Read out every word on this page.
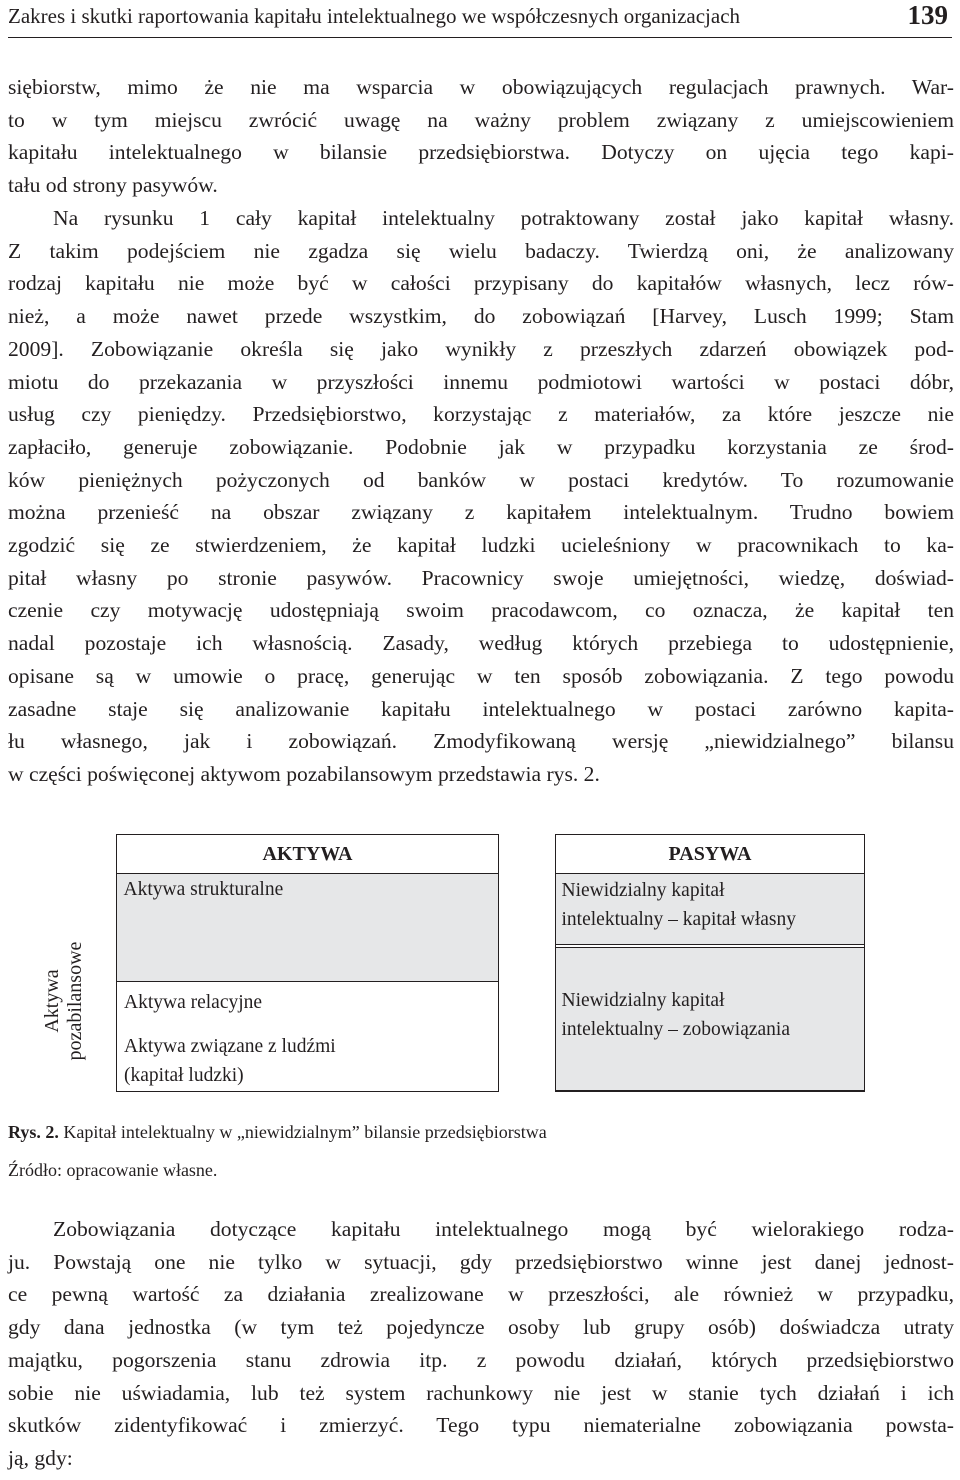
Zakres i skutki raportowania kapitału intelektualnego we współczesnych organizacjach	139

siębiorstw, mimo że nie ma wsparcia w obowiązujących regulacjach prawnych. War-
to w tym miejscu zwrócić uwagę na ważny problem związany z umiejscowieniem
kapitału intelektualnego w bilansie przedsiębiorstwa. Dotyczy on ujęcia tego kapi-
tału od strony pasywów.

Na rysunku 1 cały kapitał intelektualny potraktowany został jako kapitał własny.
Z takim podejściem nie zgadza się wielu badaczy. Twierdzą oni, że analizowany
rodzaj kapitału nie może być w całości przypisany do kapitałów własnych, lecz rów-
nież, a może nawet przede wszystkim, do zobowiązań [Harvey, Lusch 1999; Stam
2009]. Zobowiązanie określa się jako wynikły z przeszłych zdarzeń obowiązek pod-
miotu do przekazania w przyszłości innemu podmiotowi wartości w postaci dóbr,
usług czy pieniędzy. Przedsiębiorstwo, korzystając z materiałów, za które jeszcze nie
zapłaciło, generuje zobowiązanie. Podobnie jak w przypadku korzystania ze środ-
ków pieniężnych pożyczonych od banków w postaci kredytów. To rozumowanie
można przenieść na obszar związany z kapitałem intelektualnym. Trudno bowiem
zgodzić się ze stwierdzeniem, że kapitał ludzki ucieleśniony w pracownikach to ka-
pitał własny po stronie pasywów. Pracownicy swoje umiejętności, wiedzę, doświad-
czenie czy motywację udostępniają swoim pracodawcom, co oznacza, że kapitał ten
nadal pozostaje ich własnością. Zasady, według których przebiega to udostępnienie,
opisane są w umowie o pracę, generując w ten sposób zobowiązania. Z tego powodu
zasadne staje się analizowanie kapitału intelektualnego w postaci zarówno kapita-
łu własnego, jak i zobowiązań. Zmodyfikowaną wersję „niewidzialnego” bilansu
w części poświęconej aktywom pozabilansowym przedstawia rys. 2.

Aktywa
pozabilansowe
AKTYWA
Aktywa strukturalne
Aktywa relacyjne
Aktywa związane z ludźmi
(kapitał ludzki)
PASYWA
Niewidzialny kapitał
intelektualny – kapitał własny
Niewidzialny kapitał
intelektualny – zobowiązania
Rys. 2. Kapitał intelektualny w „niewidzialnym” bilansie przedsiębiorstwa
Źródło: opracowanie własne.

Zobowiązania dotyczące kapitału intelektualnego mogą być wielorakiego rodza-
ju. Powstają one nie tylko w sytuacji, gdy przedsiębiorstwo winne jest danej jednost-
ce pewną wartość za działania zrealizowane w przeszłości, ale również w przypadku,
gdy dana jednostka (w tym też pojedyncze osoby lub grupy osób) doświadcza utraty
majątku, pogorszenia stanu zdrowia itp. z powodu działań, których przedsiębiorstwo
sobie nie uświadamia, lub też system rachunkowy nie jest w stanie tych działań i ich
skutków zidentyfikować i zmierzyć. Tego typu niematerialne zobowiązania powsta-
ją, gdy:
